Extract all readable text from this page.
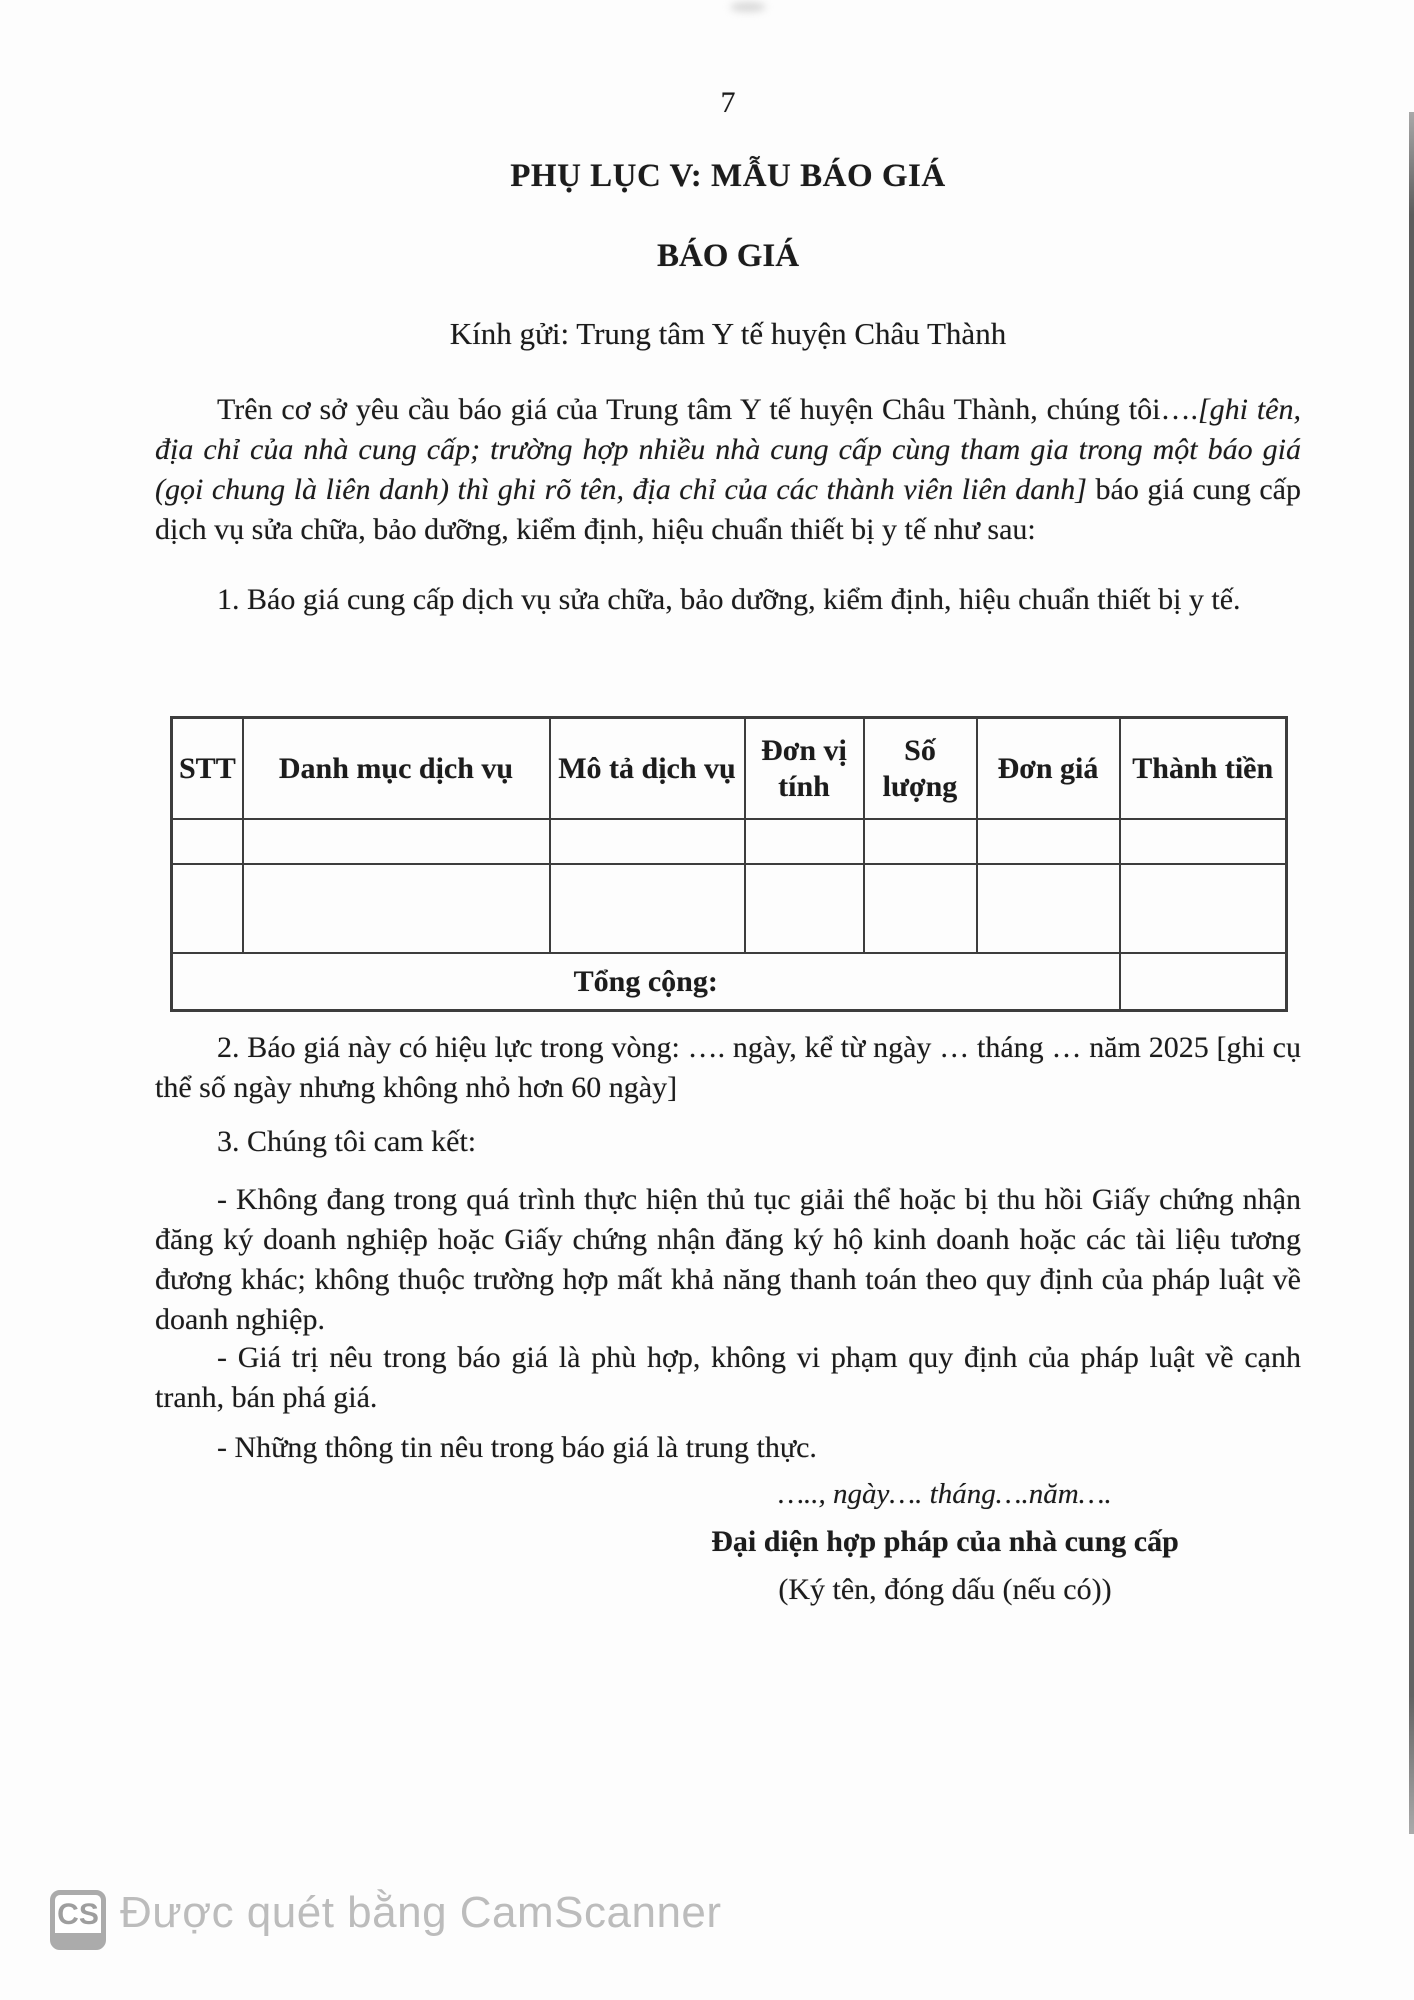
7
PHỤ LỤC V: MẪU BÁO GIÁ
BÁO GIÁ
Kính gửi: Trung tâm Y tế huyện Châu Thành

Trên cơ sở yêu cầu báo giá của Trung tâm Y tế huyện Châu Thành, chúng tôi….[ghi tên, địa chỉ của nhà cung cấp; trường hợp nhiều nhà cung cấp cùng tham gia trong một báo giá (gọi chung là liên danh) thì ghi rõ tên, địa chỉ của các thành viên liên danh] báo giá cung cấp dịch vụ sửa chữa, bảo dưỡng, kiểm định, hiệu chuẩn thiết bị y tế như sau:

1. Báo giá cung cấp dịch vụ sửa chữa, bảo dưỡng, kiểm định, hiệu chuẩn thiết bị y tế.

STT	Danh mục dịch vụ	Mô tả dịch vụ	Đơn vị tính	Số lượng	Đơn giá	Thành tiền

Tổng cộng:						

2. Báo giá này có hiệu lực trong vòng: …. ngày, kể từ ngày … tháng … năm 2025 [ghi cụ thể số ngày nhưng không nhỏ hơn 60 ngày]

3. Chúng tôi cam kết:

- Không đang trong quá trình thực hiện thủ tục giải thể hoặc bị thu hồi Giấy chứng nhận đăng ký doanh nghiệp hoặc Giấy chứng nhận đăng ký hộ kinh doanh hoặc các tài liệu tương đương khác; không thuộc trường hợp mất khả năng thanh toán theo quy định của pháp luật về doanh nghiệp.

- Giá trị nêu trong báo giá là phù hợp, không vi phạm quy định của pháp luật về cạnh tranh, bán phá giá.

- Những thông tin nêu trong báo giá là trung thực.

….., ngày…. tháng….năm….

Đại diện hợp pháp của nhà cung cấp

(Ký tên, đóng dấu (nếu có))

CS Được quét bằng CamScanner
